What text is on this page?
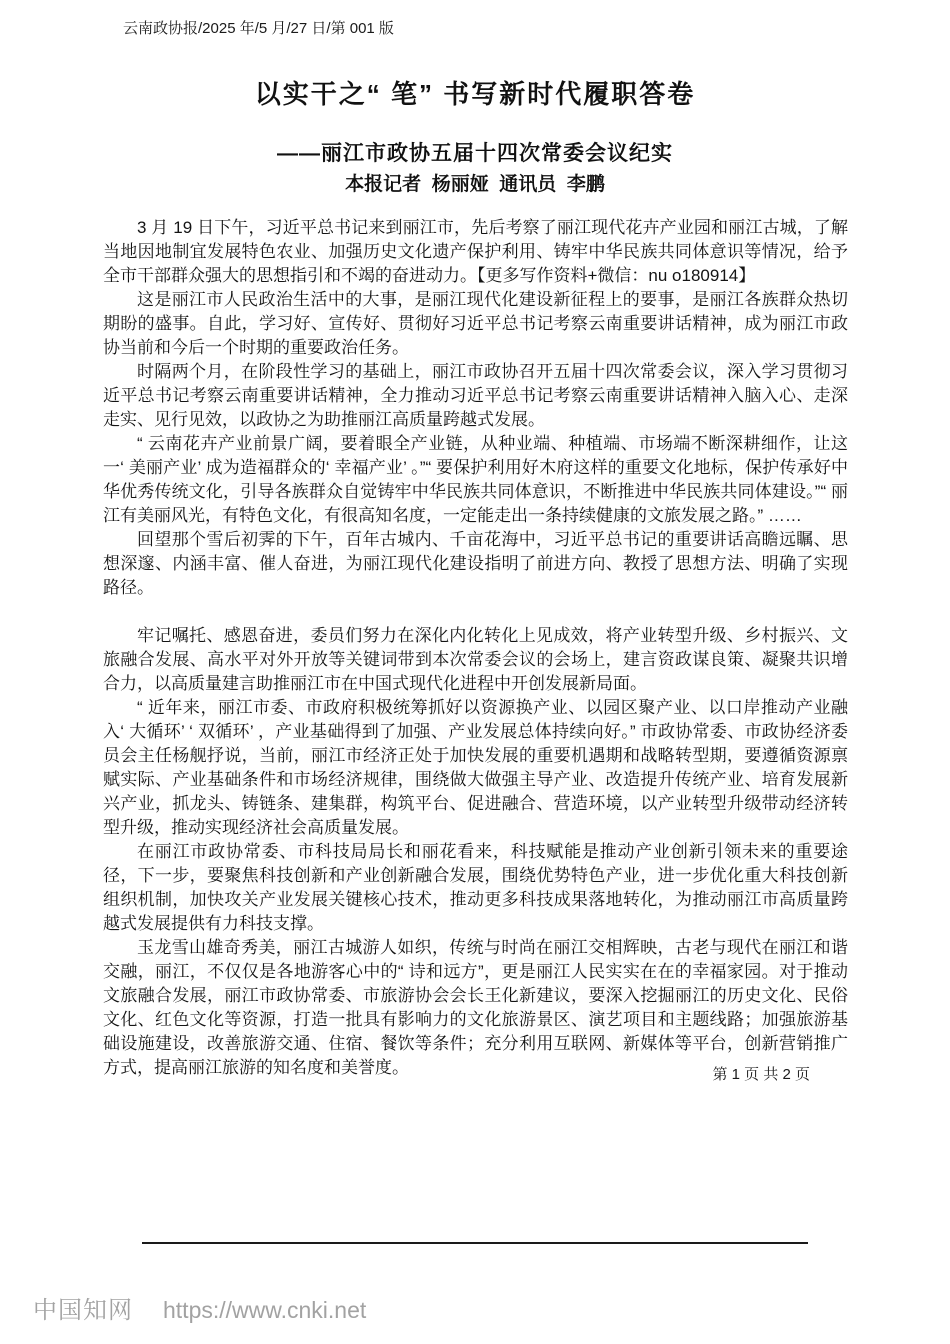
云南政协报/2025 年/5 月/27 日/第 001 版
以实干之“ 笔” 书写新时代履职答卷
——丽江市政协五届十四次常委会议纪实
本报记者  杨丽娅  通讯员  李鹏

3 月 19 日下午，习近平总书记来到丽江市，先后考察了丽江现代花卉产业园和丽江古城，了解当地因地制宜发展特色农业、加强历史文化遗产保护利用、铸牢中华民族共同体意识等情况，给予全市干部群众强大的思想指引和不竭的奋进动力。【更多写作资料+微信：nu o180914】

这是丽江市人民政治生活中的大事，是丽江现代化建设新征程上的要事，是丽江各族群众热切期盼的盛事。自此，学习好、宣传好、贯彻好习近平总书记考察云南重要讲话精神，成为丽江市政协当前和今后一个时期的重要政治任务。

时隔两个月，在阶段性学习的基础上，丽江市政协召开五届十四次常委会议，深入学习贯彻习近平总书记考察云南重要讲话精神，全力推动习近平总书记考察云南重要讲话精神入脑入心、走深走实、见行见效，以政协之为助推丽江高质量跨越式发展。

“ 云南花卉产业前景广阔，要着眼全产业链，从种业端、种植端、市场端不断深耕细作，让这一‘ 美丽产业’ 成为造福群众的‘ 幸福产业’ 。”“ 要保护利用好木府这样的重要文化地标，保护传承好中华优秀传统文化，引导各族群众自觉铸牢中华民族共同体意识，不断推进中华民族共同体建设。”“ 丽江有美丽风光，有特色文化，有很高知名度，一定能走出一条持续健康的文旅发展之路。” ……

回望那个雪后初霁的下午，百年古城内、千亩花海中，习近平总书记的重要讲话高瞻远瞩、思想深邃、内涵丰富、催人奋进，为丽江现代化建设指明了前进方向、教授了思想方法、明确了实现路径。

牢记嘱托、感恩奋进，委员们努力在深化内化转化上见成效，将产业转型升级、乡村振兴、文旅融合发展、高水平对外开放等关键词带到本次常委会议的会场上，建言资政谋良策、凝聚共识增合力，以高质量建言助推丽江市在中国式现代化进程中开创发展新局面。

“ 近年来，丽江市委、市政府积极统筹抓好以资源换产业、以园区聚产业、以口岸推动产业融入‘ 大循环’ ‘ 双循环’ ，产业基础得到了加强、产业发展总体持续向好。” 市政协常委、市政协经济委员会主任杨舰抒说，当前，丽江市经济正处于加快发展的重要机遇期和战略转型期，要遵循资源禀赋实际、产业基础条件和市场经济规律，围绕做大做强主导产业、改造提升传统产业、培育发展新兴产业，抓龙头、铸链条、建集群，构筑平台、促进融合、营造环境，以产业转型升级带动经济转型升级，推动实现经济社会高质量发展。

在丽江市政协常委、市科技局局长和丽花看来，科技赋能是推动产业创新引领未来的重要途径，下一步，要聚焦科技创新和产业创新融合发展，围绕优势特色产业，进一步优化重大科技创新组织机制，加快攻关产业发展关键核心技术，推动更多科技成果落地转化，为推动丽江市高质量跨越式发展提供有力科技支撑。

玉龙雪山雄奇秀美，丽江古城游人如织，传统与时尚在丽江交相辉映，古老与现代在丽江和谐交融，丽江，不仅仅是各地游客心中的“ 诗和远方”，更是丽江人民实实在在的幸福家园。对于推动文旅融合发展，丽江市政协常委、市旅游协会会长王化新建议，要深入挖掘丽江的历史文化、民俗文化、红色文化等资源，打造一批具有影响力的文化旅游景区、演艺项目和主题线路；加强旅游基础设施建设，改善旅游交通、住宿、餐饮等条件；充分利用互联网、新媒体等平台，创新营销推广方式，提高丽江旅游的知名度和美誉度。	第 1 页 共 2 页
中国知网 https://www.cnki.net
